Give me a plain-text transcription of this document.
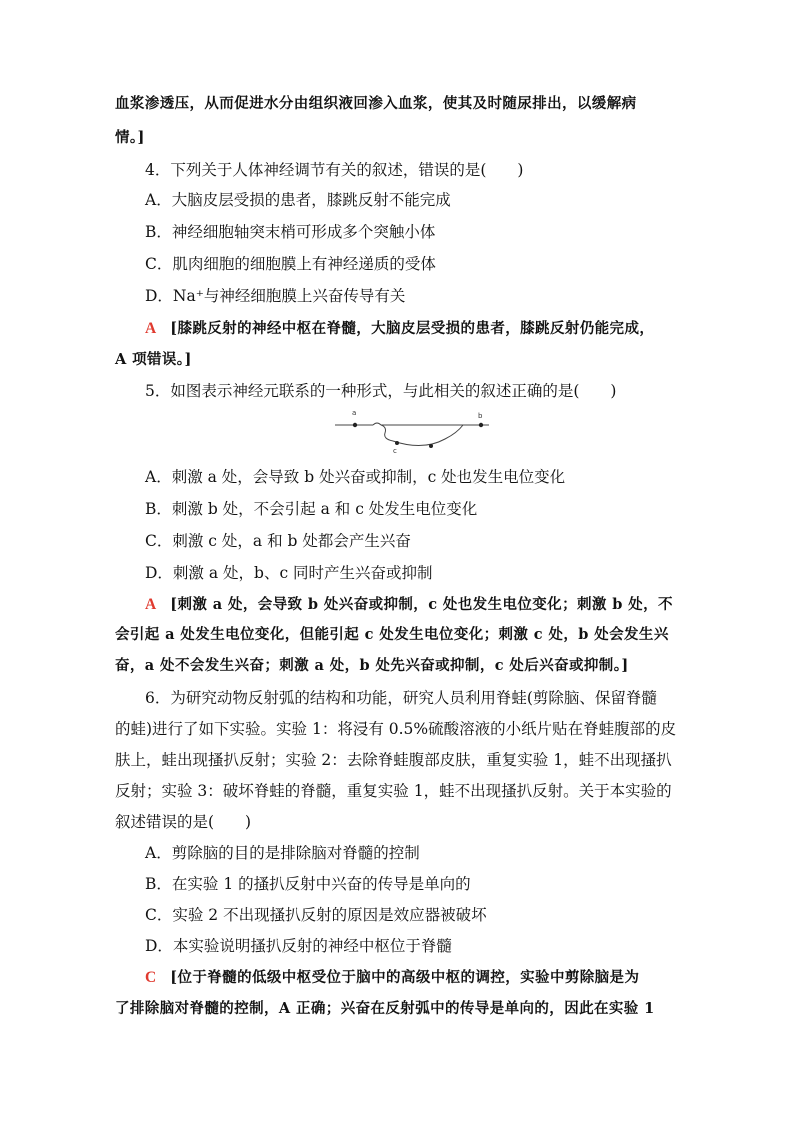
血浆渗透压，从而促进水分由组织液回渗入血浆，使其及时随尿排出，以缓解病
情。]
4．下列关于人体神经调节有关的叙述，错误的是(　　)
A．大脑皮层受损的患者，膝跳反射不能完成
B．神经细胞轴突末梢可形成多个突触小体
C．肌肉细胞的细胞膜上有神经递质的受体
D．Na⁺与神经细胞膜上兴奋传导有关
A [膝跳反射的神经中枢在脊髓，大脑皮层受损的患者，膝跳反射仍能完成，
A 项错误。]
5．如图表示神经元联系的一种形式，与此相关的叙述正确的是(　　)
a	b
c
A．刺激 a 处，会导致 b 处兴奋或抑制，c 处也发生电位变化
B．刺激 b 处，不会引起 a 和 c 处发生电位变化
C．刺激 c 处，a 和 b 处都会产生兴奋
D．刺激 a 处，b、c 同时产生兴奋或抑制
A [刺激 a 处，会导致 b 处兴奋或抑制，c 处也发生电位变化；刺激 b 处，不
会引起 a 处发生电位变化，但能引起 c 处发生电位变化；刺激 c 处，b 处会发生兴
奋，a 处不会发生兴奋；刺激 a 处，b 处先兴奋或抑制，c 处后兴奋或抑制。]
6．为研究动物反射弧的结构和功能，研究人员利用脊蛙(剪除脑、保留脊髓
的蛙)进行了如下实验。实验 1：将浸有 0.5%硫酸溶液的小纸片贴在脊蛙腹部的皮
肤上，蛙出现搔扒反射；实验 2：去除脊蛙腹部皮肤，重复实验 1，蛙不出现搔扒
反射；实验 3：破坏脊蛙的脊髓，重复实验 1，蛙不出现搔扒反射。关于本实验的
叙述错误的是(　　)
A．剪除脑的目的是排除脑对脊髓的控制
B．在实验 1 的搔扒反射中兴奋的传导是单向的
C．实验 2 不出现搔扒反射的原因是效应器被破坏
D．本实验说明搔扒反射的神经中枢位于脊髓
C [位于脊髓的低级中枢受位于脑中的高级中枢的调控，实验中剪除脑是为
了排除脑对脊髓的控制，A 正确；兴奋在反射弧中的传导是单向的，因此在实验 1
